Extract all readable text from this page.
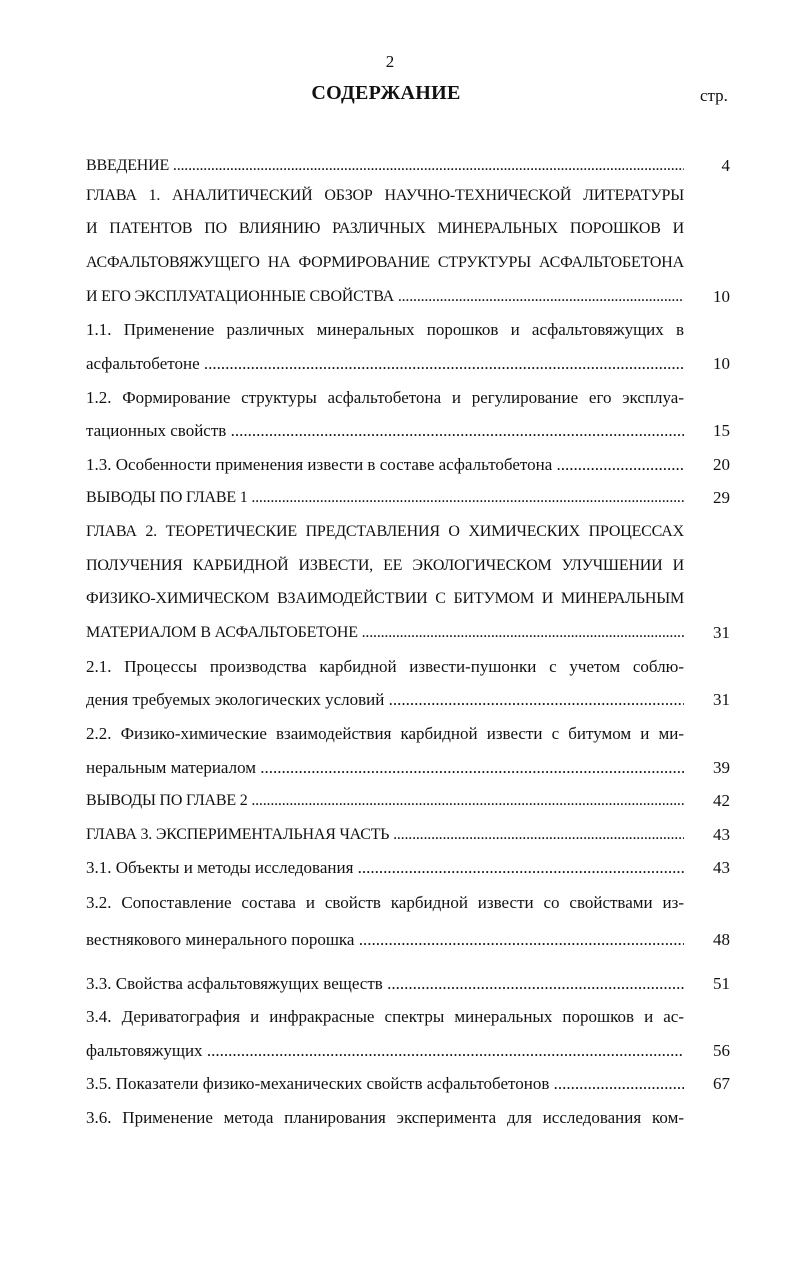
2
СОДЕРЖАНИЕ	стр.
ВВЕДЕНИЕ .....	4
ГЛАВА 1. АНАЛИТИЧЕСКИЙ ОБЗОР НАУЧНО-ТЕХНИЧЕСКОЙ ЛИТЕРАТУРЫ
И ПАТЕНТОВ ПО ВЛИЯНИЮ РАЗЛИЧНЫХ МИНЕРАЛЬНЫХ ПОРОШКОВ И
АСФАЛЬТОВЯЖУЩЕГО НА ФОРМИРОВАНИЕ СТРУКТУРЫ АСФАЛЬТОБЕТОНА
И ЕГО ЭКСПЛУАТАЦИОННЫЕ СВОЙСТВА .....	10
1.1. Применение различных минеральных порошков и асфальтовяжущих в
асфальтобетоне .....	10
1.2. Формирование структуры асфальтобетона и регулирование его эксплуа-
тационных свойств .....	15
1.3. Особенности применения извести в составе асфальтобетона .....	20
ВЫВОДЫ ПО ГЛАВЕ 1 .....	29
ГЛАВА 2. ТЕОРЕТИЧЕСКИЕ ПРЕДСТАВЛЕНИЯ О ХИМИЧЕСКИХ ПРОЦЕССАХ
ПОЛУЧЕНИЯ КАРБИДНОЙ ИЗВЕСТИ, ЕЕ ЭКОЛОГИЧЕСКОМ УЛУЧШЕНИИ И
ФИЗИКО-ХИМИЧЕСКОМ ВЗАИМОДЕЙСТВИИ С БИТУМОМ И МИНЕРАЛЬНЫМ
МАТЕРИАЛОМ В АСФАЛЬТОБЕТОНЕ .....	31
2.1. Процессы производства карбидной извести-пушонки с учетом соблю-
дения требуемых экологических условий .....	31
2.2. Физико-химические взаимодействия карбидной извести с битумом и ми-
неральным материалом .....	39
ВЫВОДЫ ПО ГЛАВЕ 2 .....	42
ГЛАВА 3. ЭКСПЕРИМЕНТАЛЬНАЯ ЧАСТЬ .....	43
3.1. Объекты и методы исследования .....	43
3.2. Сопоставление состава и свойств карбидной извести со свойствами из-
вестнякового минерального порошка .....	48
3.3. Свойства асфальтовяжущих веществ .....	51
3.4. Дериватография и инфракрасные спектры минеральных порошков и ас-
фальтовяжущих .....	56
3.5. Показатели физико-механических свойств асфальтобетонов .....	67
3.6. Применение метода планирования эксперимента для исследования ком-
